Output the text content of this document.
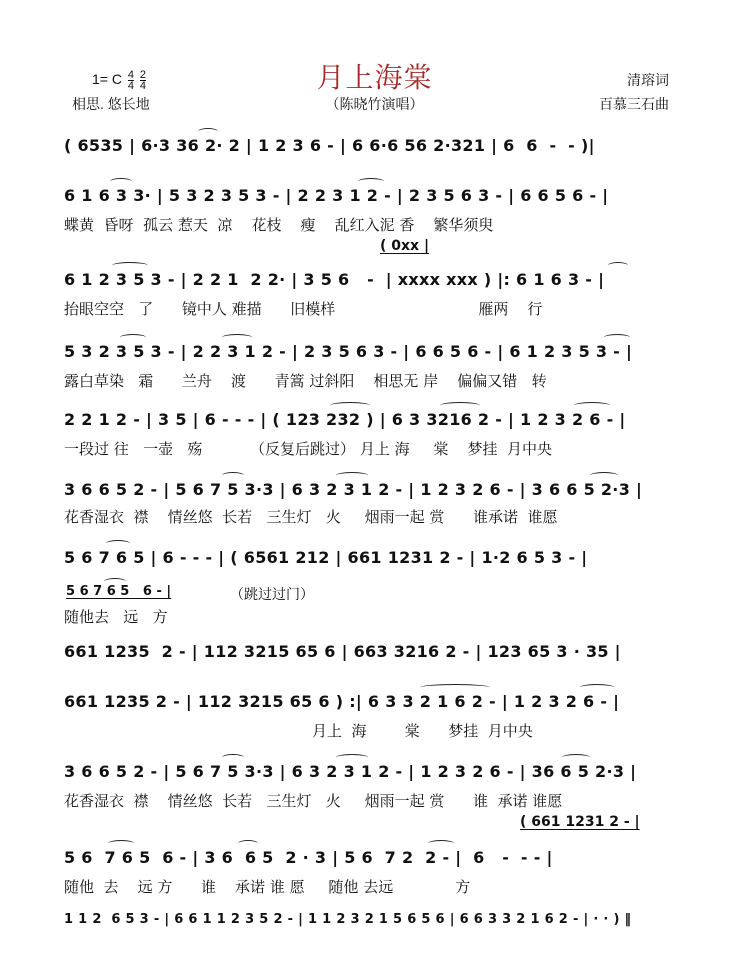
月上海棠
1= C $\frac{4}{4}$
$\frac{2}{4}$
相思. 悠长地	（陈晓竹演唱）
清瑢词
百慕三石曲
( 6535 | 6·3 36 2· 2 | 1 2 3 6 - | 6 6·6 56 2·321 | 6  6  -  - )|
6 1 6 3 3· | 5 3 2 3 5 3 - | 2 2 3 1 2 - | 2 3 5 6 3 - | 6 6 5 6 - |
蝶黄  昏呀  孤云 惹天  凉    花枝    瘦    乱红入泥 香    繁华须臾
( 0xx |
6 1 2 3 5 3 - | 2 2 1  2 2· | 3 5 6   -  | xxxx xxx ) |: 6 1 6 3 - |
抬眼空空   了      镜中人 难描      旧模样                              雁两    行
5 3 2 3 5 3 - | 2 2 3 1 2 - | 2 3 5 6 3 - | 6 6 5 6 - | 6 1 2 3 5 3 - |
露白草染   霜      兰舟    渡      青篙 过斜阳    相思无 岸    偏偏又错   转
2 2 1 2 - | 3 5 | 6 - - - | ( 123 232 ) | 6 3 3216 2 - | 1 2 3 2 6 - |
一段过 往   一壶   殇          （反复后跳过） 月上 海     棠    梦挂  月中央
3 6 6 5 2 - | 5 6 7 5 3·3 | 6 3 2 3 1 2 - | 1 2 3 2 6 - | 3 6 6 5 2·3 |
花香湿衣  襟    情丝悠  长若   三生灯   火     烟雨一起 赏      谁承诺  谁愿
5 6 7 6 5 | 6 - - - | ( 6561 212 | 661 1231 2 - | 1·2 6 5 3 - |
5 6 7 6 5   6 - |	（跳过过门）
随他去   远   方
661 1235  2 - | 112 3215 65 6 | 663 3216 2 - | 123 65 3 · 35 |
661 1235 2 - | 112 3215 65 6 ) :| 6 3 3 2 1 6 2 - | 1 2 3 2 6 - |
月上  海        棠      梦挂  月中央
3 6 6 5 2 - | 5 6 7 5 3·3 | 6 3 2 3 1 2 - | 1 2 3 2 6 - | 36 6 5 2·3 |
花香湿衣  襟    情丝悠  长若   三生灯   火     烟雨一起 赏      谁  承诺 谁愿
( 661 1231 2 - |
5 6  7 6 5  6 - | 3 6  6 5  2 · 3 | 5 6  7 2  2 - |  6   -  - - |
随他  去    远 方      谁    承诺 谁 愿     随他 去远             方
1 1 2  6 5 3 - | 6 6 1 1 2 3 5 2 - | 1 1 2 3 2 1 5 6 5 6 | 6 6 3 3 2 1 6 2 - | · · ) ‖
